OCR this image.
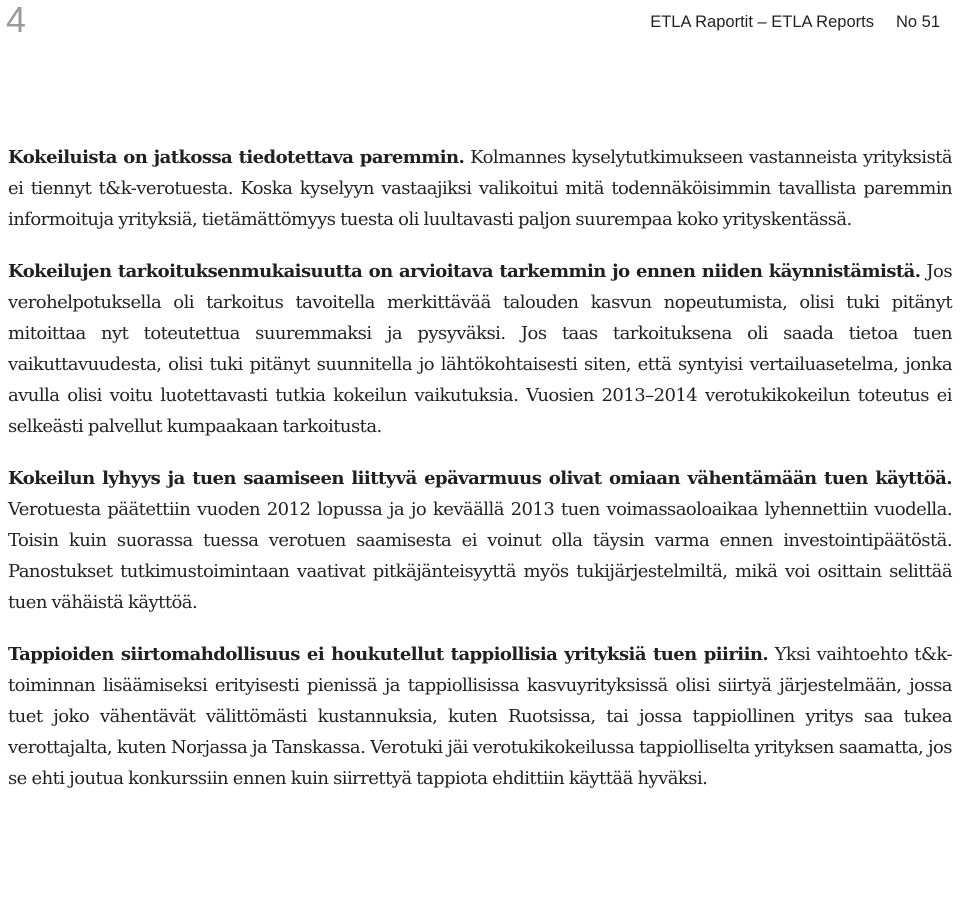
4	ETLA Raportit – ETLA Reports No 51

Kokeiluista on jatkossa tiedotettava paremmin. Kolmannes kyselytutkimukseen vastanneista yrityksistä ei tiennyt t&k-verotuesta. Koska kyselyyn vastaajiksi valikoitui mitä todennäköisimmin tavallista paremmin informoituja yrityksiä, tietämättömyys tuesta oli luultavasti paljon suurempaa koko yrityskentässä.

Kokeilujen tarkoituksenmukaisuutta on arvioitava tarkemmin jo ennen niiden käynnistämistä. Jos verohelpotuksella oli tarkoitus tavoitella merkittävää talouden kasvun nopeutumista, olisi tuki pitänyt mitoittaa nyt toteutettua suuremmaksi ja pysyväksi. Jos taas tarkoituksena oli saada tietoa tuen vaikuttavuudesta, olisi tuki pitänyt suunnitella jo lähtökohtaisesti siten, että syntyisi vertailuasetelma, jonka avulla olisi voitu luotettavasti tutkia kokeilun vaikutuksia. Vuosien 2013–2014 verotukikokeilun toteutus ei selkeästi palvellut kumpaakaan tarkoitusta.

Kokeilun lyhyys ja tuen saamiseen liittyvä epävarmuus olivat omiaan vähentämään tuen käyttöä. Verotuesta päätettiin vuoden 2012 lopussa ja jo keväällä 2013 tuen voimassaoloaikaa lyhennettiin vuodella. Toisin kuin suorassa tuessa verotuen saamisesta ei voinut olla täysin varma ennen investointipäätöstä. Panostukset tutkimustoimintaan vaativat pitkäjänteisyyttä myös tukijärjestelmiltä, mikä voi osittain selittää tuen vähäistä käyttöä.

Tappioiden siirtomahdollisuus ei houkutellut tappiollisia yrityksiä tuen piiriin. Yksi vaihtoehto t&k-toiminnan lisäämiseksi erityisesti pienissä ja tappiollisissa kasvuyrityksissä olisi siirtyä järjestelmään, jossa tuet joko vähentävät välittömästi kustannuksia, kuten Ruotsissa, tai jossa tappiollinen yritys saa tukea verottajalta, kuten Norjassa ja Tanskassa. Verotuki jäi verotukikokeilussa tappiolliselta yrityksen saamatta, jos se ehti joutua konkurssiin ennen kuin siirrettyä tappiota ehdittiin käyttää hyväksi.
